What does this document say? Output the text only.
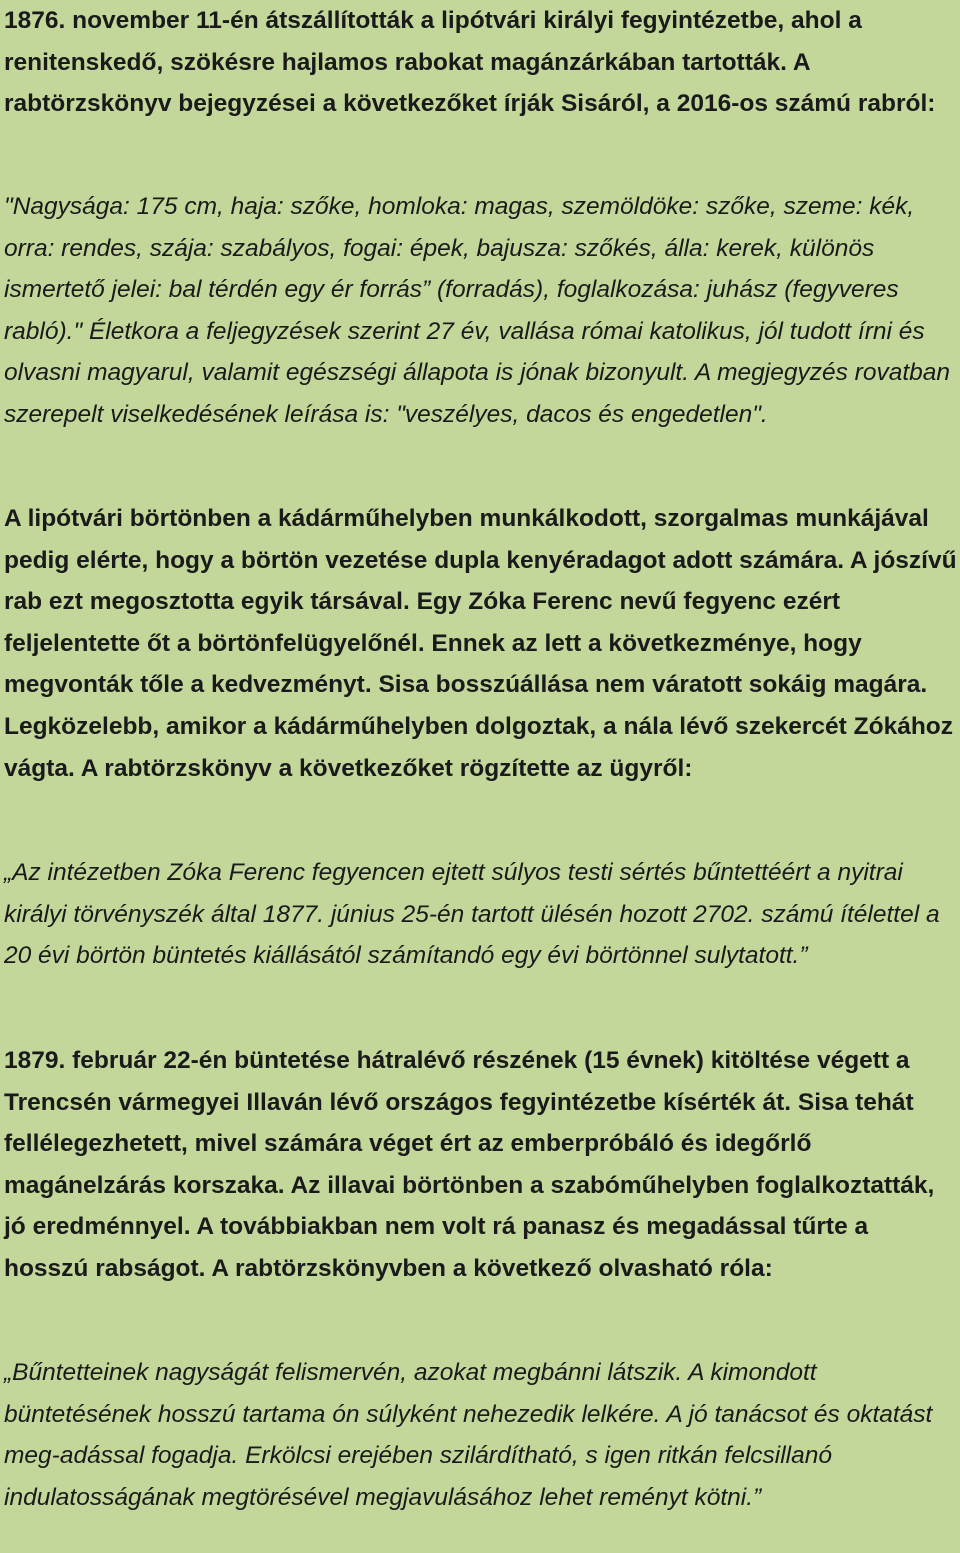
1876. november 11-én átszállították a lipótvári királyi fegyintézetbe, ahol a renitenskedő, szökésre hajlamos rabokat magánzárkában tartották. A rabtörzskönyv bejegyzései a következőket írják Sisáról, a 2016-os számú rabról:

"Nagysága: 175 cm, haja: szőke, homloka: magas, szemöldöke: szőke, szeme: kék, orra: rendes, szája: szabályos, fogai: épek, bajusza: szőkés, álla: kerek, különös ismertető jelei: bal térdén egy ér forrás” (forradás), foglalkozása: juhász (fegyveres rabló)." Életkora a feljegyzések szerint 27 év, vallása római katolikus, jól tudott írni és olvasni magyarul, valamit egészségi állapota is jónak bizonyult. A megjegyzés rovatban szerepelt viselkedésének leírása is: "veszélyes, dacos és engedetlen".

A lipótvári börtönben a kádárműhelyben munkálkodott, szorgalmas munkájával pedig elérte, hogy a börtön vezetése dupla kenyéradagot adott számára. A jószívű rab ezt megosztotta egyik társával. Egy Zóka Ferenc nevű fegyenc ezért feljelentette őt a börtönfelügyelőnél. Ennek az lett a következménye, hogy megvonták tőle a kedvezményt. Sisa bosszúállása nem váratott sokáig magára. Legközelebb, amikor a kádárműhelyben dolgoztak, a nála lévő szekercét Zókához vágta. A rabtörzskönyv a következőket rögzítette az ügyről:

„Az intézetben Zóka Ferenc fegyencen ejtett súlyos testi sértés bűntettéért a nyitrai királyi törvényszék által 1877. június 25-én tartott ülésén hozott 2702. számú ítélettel a 20 évi börtön büntetés kiállásától számítandó egy évi börtönnel sulytatott.”

1879. február 22-én büntetése hátralévő részének (15 évnek) kitöltése végett a Trencsén vármegyei Illaván lévő országos fegyintézetbe kísérték át. Sisa tehát fellélegezhetett, mivel számára véget ért az emberpróbáló és idegőrlő magánelzárás korszaka. Az illavai börtönben a szabóműhelyben foglalkoztatták, jó eredménnyel. A továbbiakban nem volt rá panasz és megadással tűrte a hosszú rabságot. A rabtörzskönyvben a következő olvasható róla:

„Bűntetteinek nagyságát felismervén, azokat megbánni látszik. A kimondott büntetésének hosszú tartama ón súlyként nehezedik lelkére. A jó tanácsot és oktatást meg-adással fogadja. Erkölcsi erejében szilárdítható, s igen ritkán felcsillanó indulatosságának megtörésével megjavulásához lehet reményt kötni.”
